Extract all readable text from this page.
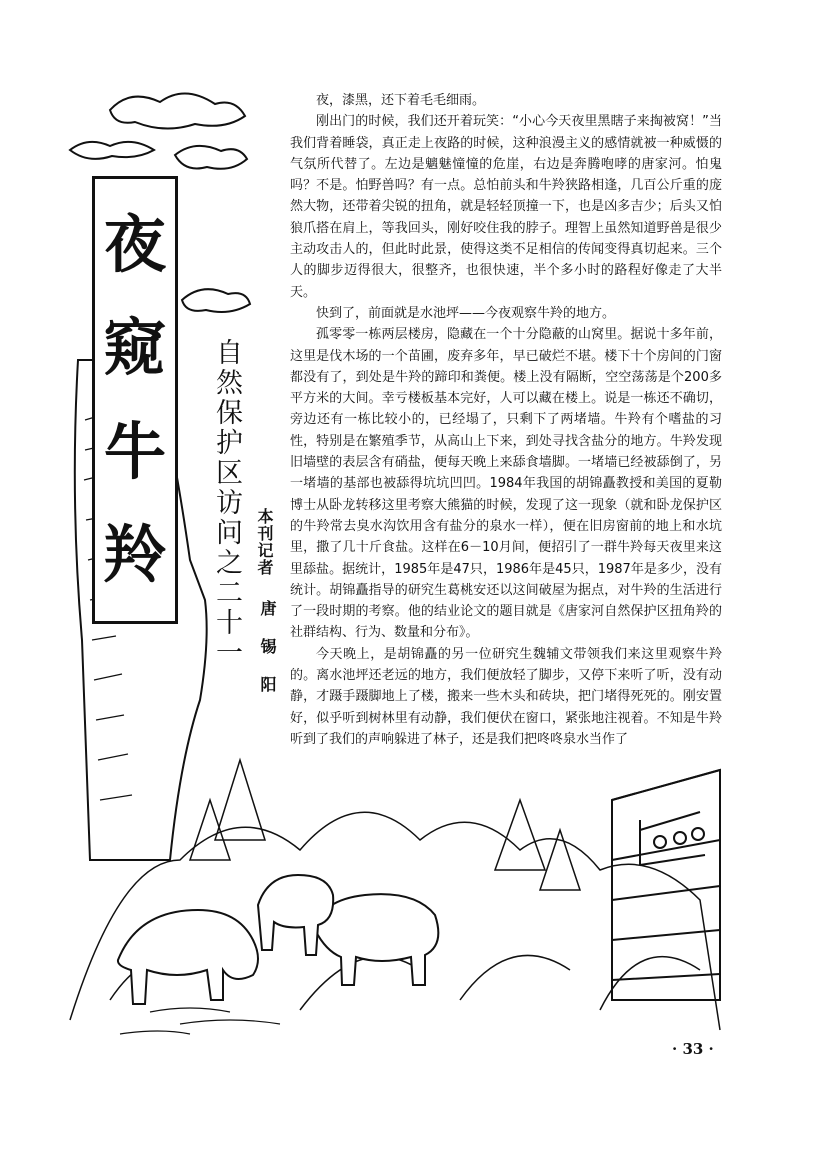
夜
窥
牛
羚 自然保护区访问之二十一 本刊记者
唐锡阳

夜，漆黑，还下着毛毛细雨。

刚出门的时候，我们还开着玩笑：“小心今天夜里黑瞎子来掏被窝！”当我们背着睡袋，真正走上夜路的时候，这种浪漫主义的感情就被一种威慑的气氛所代替了。左边是魑魅憧憧的危崖，右边是奔腾咆哮的唐家河。怕鬼吗？不是。怕野兽吗？有一点。总怕前头和牛羚狭路相逢，几百公斤重的庞然大物，还带着尖锐的扭角，就是轻轻顶撞一下，也是凶多吉少；后头又怕狼爪搭在肩上，等我回头，刚好咬住我的脖子。理智上虽然知道野兽是很少主动攻击人的，但此时此景，使得这类不足相信的传闻变得真切起来。三个人的脚步迈得很大，很整齐，也很快速，半个多小时的路程好像走了大半天。

快到了，前面就是水池坪——今夜观察牛羚的地方。

孤零零一栋两层楼房，隐藏在一个十分隐蔽的山窝里。据说十多年前，这里是伐木场的一个苗圃，废弃多年，早已破烂不堪。楼下十个房间的门窗都没有了，到处是牛羚的蹄印和粪便。楼上没有隔断，空空荡荡是个200多平方米的大间。幸亏楼板基本完好，人可以藏在楼上。说是一栋还不确切，旁边还有一栋比较小的，已经塌了，只剩下了两堵墙。牛羚有个嗜盐的习性，特别是在繁殖季节，从高山上下来，到处寻找含盐分的地方。牛羚发现旧墙壁的表层含有硝盐，便每天晚上来舔食墙脚。一堵墙已经被舔倒了，另一堵墙的基部也被舔得坑坑凹凹。1984年我国的胡锦矗教授和美国的夏勒博士从卧龙转移这里考察大熊猫的时候，发现了这一现象（就和卧龙保护区的牛羚常去臭水沟饮用含有盐分的泉水一样），便在旧房窗前的地上和水坑里，撒了几十斤食盐。这样在6－10月间，便招引了一群牛羚每天夜里来这里舔盐。据统计，1985年是47只，1986年是45只，1987年是多少，没有统计。胡锦矗指导的研究生葛桃安还以这间破屋为据点，对牛羚的生活进行了一段时期的考察。他的结业论文的题目就是《唐家河自然保护区扭角羚的社群结构、行为、数量和分布》。

今天晚上，是胡锦矗的另一位研究生魏辅文带领我们来这里观察牛羚的。离水池坪还老远的地方，我们便放轻了脚步，又停下来听了听，没有动静，才蹑手蹑脚地上了楼，搬来一些木头和砖块，把门堵得死死的。刚安置好，似乎听到树林里有动静，我们便伏在窗口，紧张地注视着。不知是牛羚听到了我们的声响躲进了林子，还是我们把咚咚泉水当作了

· 33 ·
